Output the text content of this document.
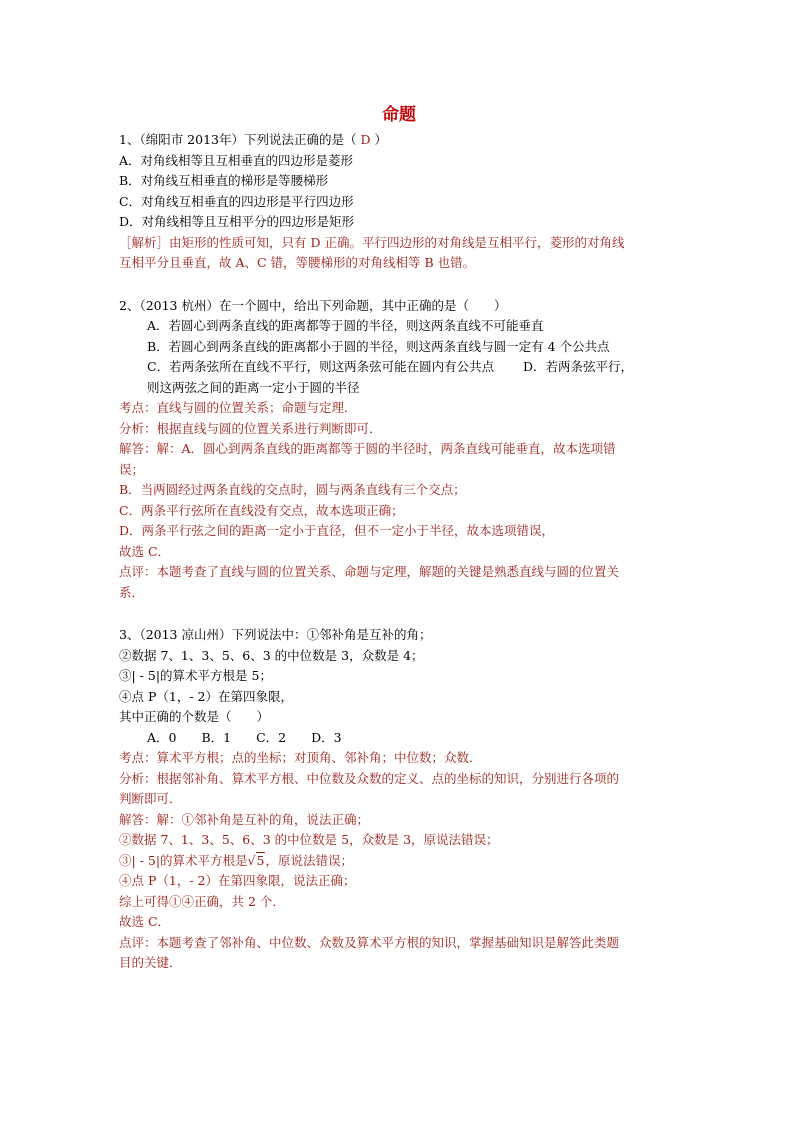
命题
1、（绵阳市 2013年）下列说法正确的是（ D ）
A．对角线相等且互相垂直的四边形是菱形
B．对角线互相垂直的梯形是等腰梯形
C．对角线互相垂直的四边形是平行四边形
D．对角线相等且互相平分的四边形是矩形
［解析］由矩形的性质可知，只有 D 正确。平行四边形的对角线是互相平行，菱形的对角线
互相平分且垂直，故 A、C 错，等腰梯形的对角线相等 B 也错。
2、（2013 杭州）在一个圆中，给出下列命题，其中正确的是（　　）
A．若圆心到两条直线的距离都等于圆的半径，则这两条直线不可能垂直
B．若圆心到两条直线的距离都小于圆的半径，则这两条直线与圆一定有 4 个公共点
C．若两条弦所在直线不平行，则这两条弦可能在圆内有公共点　　 D．若两条弦平行，
则这两弦之间的距离一定小于圆的半径
考点：直线与圆的位置关系；命题与定理．
分析：根据直线与圆的位置关系进行判断即可．
解答：解：A．圆心到两条直线的距离都等于圆的半径时，两条直线可能垂直，故本选项错
误；
B．当两圆经过两条直线的交点时，圆与两条直线有三个交点；
C．两条平行弦所在直线没有交点，故本选项正确；
D．两条平行弦之间的距离一定小于直径，但不一定小于半径，故本选项错误，
故选 C．
点评：本题考查了直线与圆的位置关系、命题与定理，解题的关键是熟悉直线与圆的位置关
系．
3、（2013 凉山州）下列说法中：①邻补角是互补的角；
②数据 7、1、3、5、6、3 的中位数是 3，众数是 4；
③| - 5|的算术平方根是 5；
④点 P（1，- 2）在第四象限，
其中正确的个数是（　　）
A．0　　B．1　　C．2　　D．3
考点：算术平方根；点的坐标；对顶角、邻补角；中位数；众数．
分析：根据邻补角、算术平方根、中位数及众数的定义、点的坐标的知识，分别进行各项的
判断即可．
解答：解：①邻补角是互补的角，说法正确；
②数据 7、1、3、5、6、3 的中位数是 5，众数是 3，原说法错误；
③| - 5|的算术平方根是√5，原说法错误；
④点 P（1，- 2）在第四象限，说法正确；
综上可得①④正确，共 2 个．
故选 C．
点评：本题考查了邻补角、中位数、众数及算术平方根的知识，掌握基础知识是解答此类题
目的关键．
